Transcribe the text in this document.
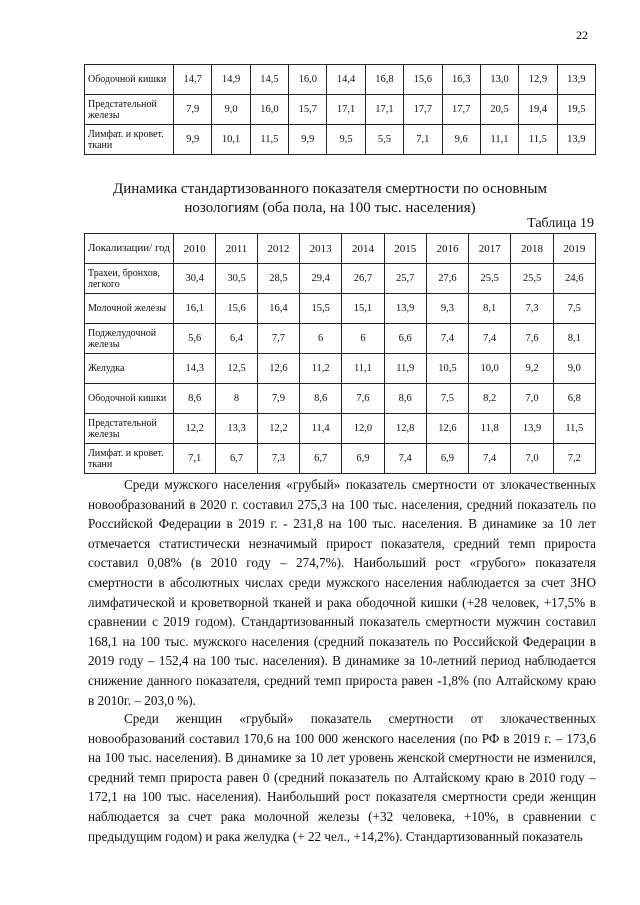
22
Ободочной кишки	14,7	14,9	14,5	16,0	14,4	16,8	15,6	16,3	13,0	12,9	13,9
Предстательной железы	7,9	9,0	16,0	15,7	17,1	17,1	17,7	17,7	20,5	19,4	19,5
Лимфат. и кровет. ткани	9,9	10,1	11,5	9,9	9,5	5,5	7,1	9,6	11,1	11,5	13,9
Динамика стандартизованного показателя смертности по основным
нозологиям (оба пола, на 100 тыс. населения)
Таблица 19
Локализации/ год	2010	2011	2012	2013	2014	2015	2016	2017	2018	2019
Трахеи, бронхов, легкого	30,4	30,5	28,5	29,4	26,7	25,7	27,6	25,5	25,5	24,6
Молочной железы	16,1	15,6	16,4	15,5	15,1	13,9	9,3	8,1	7,3	7,5
Поджелудочной железы	5,6	6,4	7,7	6	6	6,6	7,4	7,4	7,6	8,1
Желудка	14,3	12,5	12,6	11,2	11,1	11,9	10,5	10,0	9,2	9,0
Ободочной кишки	8,6	8	7,9	8,6	7,6	8,6	7,5	8,2	7,0	6,8
Предстательной железы	12,2	13,3	12,2	11,4	12,0	12,8	12,6	11,8	13,9	11,5
Лимфат. и кровет. ткани	7,1	6,7	7,3	6,7	6,9	7,4	6,9	7,4	7,0	7,2

Среди мужского населения «грубый» показатель смертности от злокачественных новообразований в 2020 г. составил 275,3 на 100 тыс. населения, средний показатель по Российской Федерации в 2019 г. - 231,8 на 100 тыс. населения. В динамике за 10 лет отмечается статистически незначимый прирост показателя, средний темп прироста составил 0,08% (в 2010 году – 274,7%). Наибольший рост «грубого» показателя смертности в абсолютных числах среди мужского населения наблюдается за счет ЗНО лимфатической и кроветворной тканей и рака ободочной кишки (+28 человек, +17,5% в сравнении с 2019 годом). Стандартизованный показатель смертности мужчин составил 168,1 на 100 тыс. мужского населения (средний показатель по Российской Федерации в 2019 году – 152,4 на 100 тыс. населения). В динамике за 10-летний период наблюдается снижение данного показателя, средний темп прироста равен -1,8% (по Алтайскому краю в 2010г. – 203,0 %).

Среди женщин «грубый» показатель смертности от злокачественных новообразований составил 170,6 на 100 000 женского населения (по РФ в 2019 г. – 173,6 на 100 тыс. населения). В динамике за 10 лет уровень женской смертности не изменился, средний темп прироста равен 0 (средний показатель по Алтайскому краю в 2010 году – 172,1 на 100 тыс. населения). Наибольший рост показателя смертности среди женщин наблюдается за счет рака молочной железы (+32 человека, +10%, в сравнении с предыдущим годом) и рака желудка (+ 22 чел., +14,2%). Стандартизованный показатель
